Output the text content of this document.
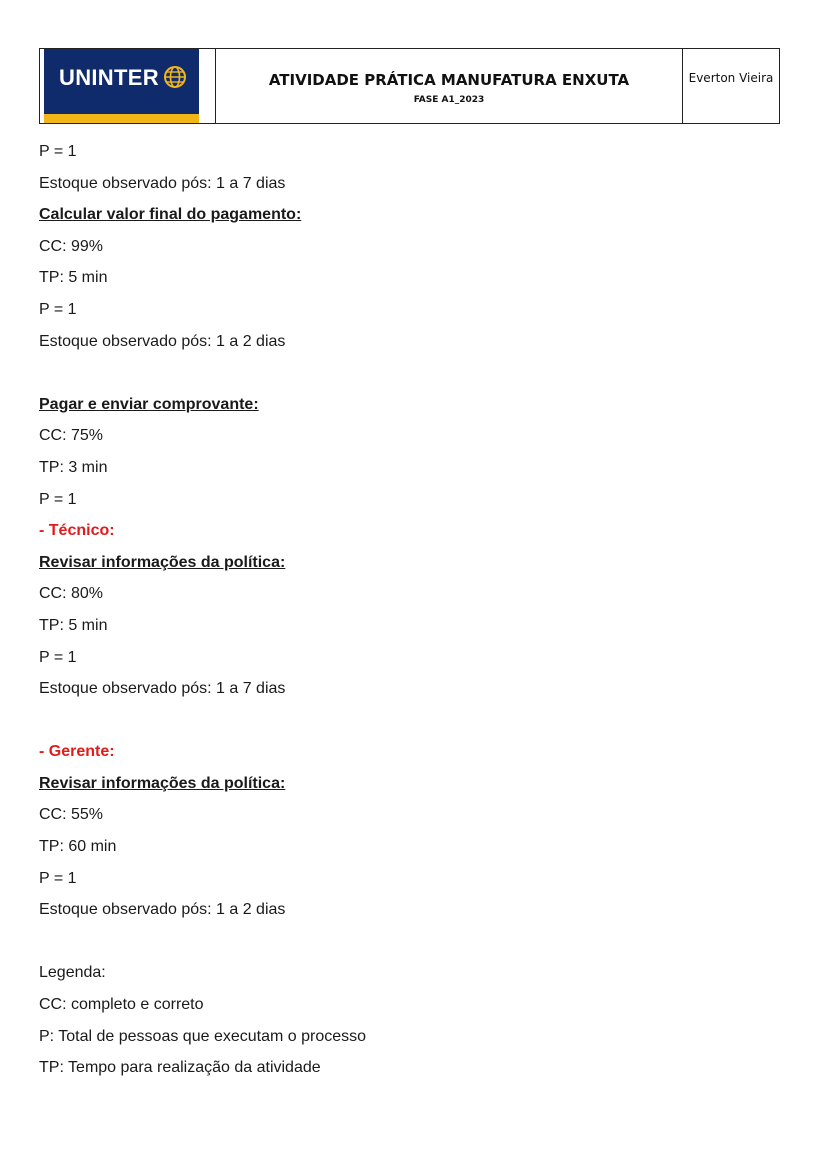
UNINTER	ATIVIDADE PRÁTICA MANUFATURA ENXUTA
FASE A1_2023
Everton Vieira
P = 1
Estoque observado pós: 1 a 7 dias
Calcular valor final do pagamento:
CC: 99%
TP: 5 min
P = 1
Estoque observado pós: 1 a 2 dias
Pagar e enviar comprovante:
CC: 75%
TP: 3 min
P = 1
- Técnico:
Revisar informações da política:
CC: 80%
TP: 5 min
P = 1
Estoque observado pós: 1 a 7 dias
- Gerente:
Revisar informações da política:
CC: 55%
TP: 60 min
P = 1
Estoque observado pós: 1 a 2 dias
Legenda:
CC: completo e correto
P: Total de pessoas que executam o processo
TP: Tempo para realização da atividade
